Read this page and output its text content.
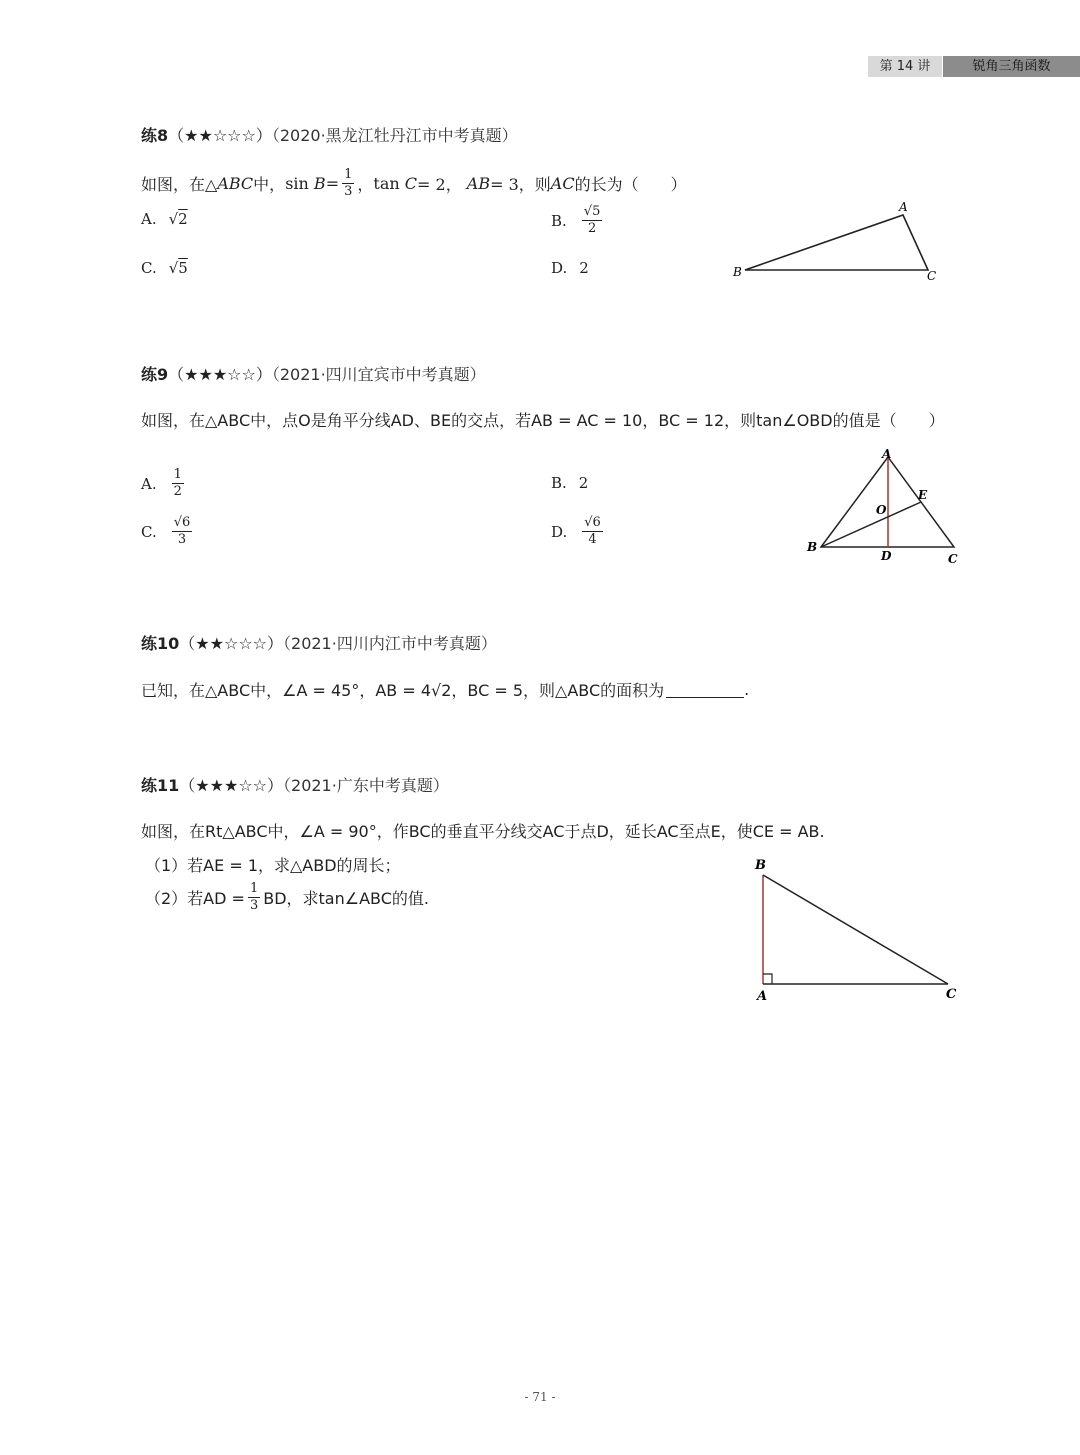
第 14 讲	锐角三角函数
练8（★★☆☆☆）（2020·黑龙江牡丹江市中考真题）
如图，在△ ABC 中， sin
$B = \frac{1}{3}$ ， tan
C = 2，
AB = 3，则 AC 的长为（　　）
A. √2	B. $\frac{√5}{2}$
C. √5	D. 2
A
B	C
练9（★★★☆☆）（2021·四川宜宾市中考真题）
如图，在△ABC中，点O是角平分线AD、BE的交点，若AB = AC = 10，BC = 12，则tan∠OBD的值是（　　）
A. $\frac{1}{2}$	B. 2
C. $\frac{√6}{3}$	D. $\frac{√6}{4}$
A
B
C
D
E
O
练10（★★☆☆☆）（2021·四川内江市中考真题）
已知，在△ABC中，∠A = 45°，AB = 4√2，BC = 5，则△ABC的面积为	.
练11（★★★☆☆）（2021·广东中考真题）
如图，在Rt△ABC中，∠A = 90°，作BC的垂直平分线交AC于点D，延长AC至点E，使CE = AB.
（1）若AE = 1，求△ABD的周长；
（2）若AD = $\frac{1}{3}$ BD，求tan∠ABC的值.
B
A	C
- 71 -
